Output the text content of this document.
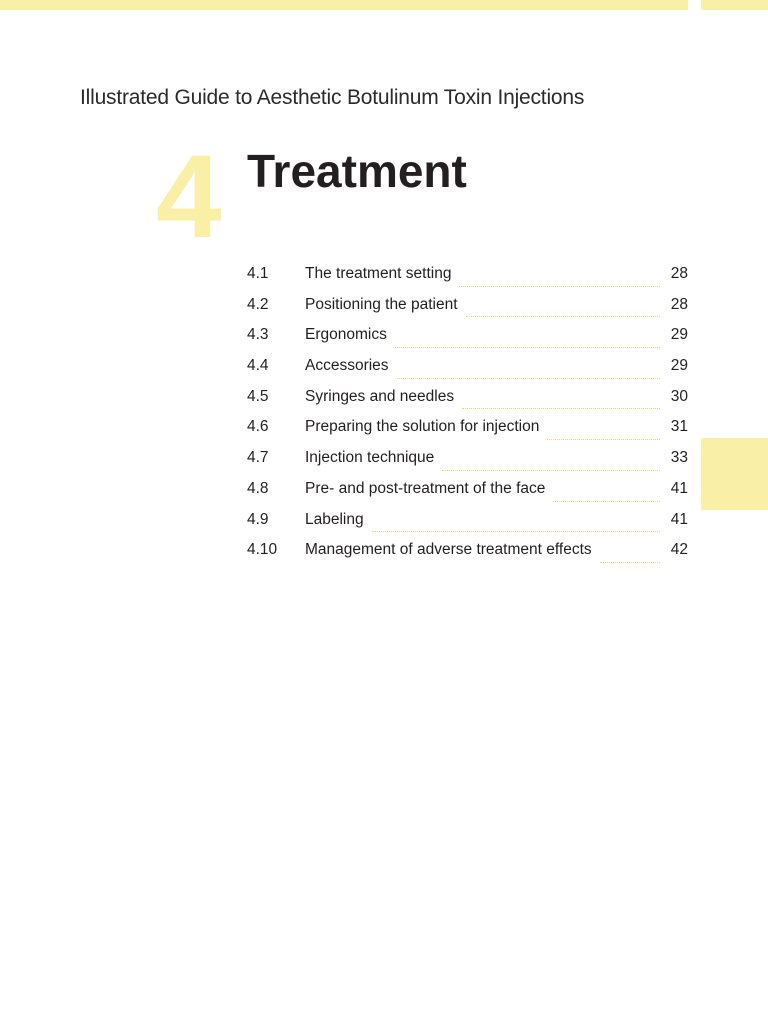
Illustrated Guide to Aesthetic Botulinum Toxin Injections
4 Treatment
4.1	The treatment setting	28
4.2	Positioning the patient	28
4.3	Ergonomics	29
4.4	Accessories	29
4.5	Syringes and needles	30
4.6	Preparing the solution for injection	31
4.7	Injection technique	33
4.8	Pre- and post-treatment of the face	41
4.9	Labeling	41
4.10	Management of adverse treatment effects	42
